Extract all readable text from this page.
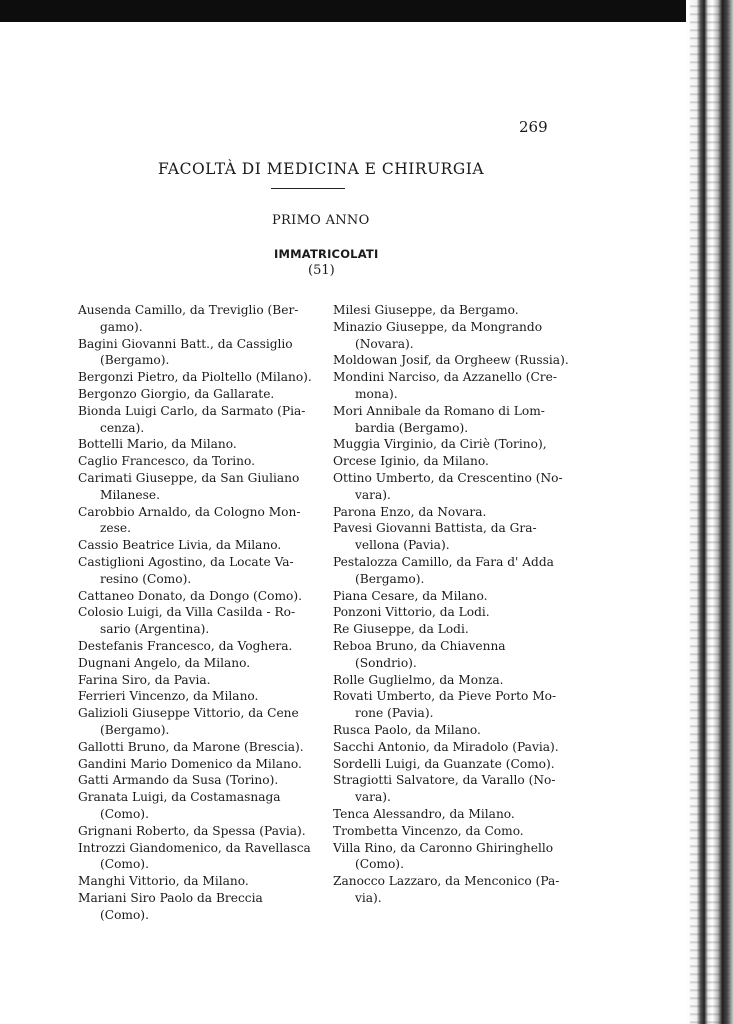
269
FACOLTÀ DI MEDICINA E CHIRURGIA
PRIMO ANNO
IMMATRICOLATI
(51)
Ausenda Camillo, da Treviglio (Ber-
gamo).
Bagini Giovanni Batt., da Cassiglio
(Bergamo).
Bergonzi Pietro, da Pioltello (Milano).
Bergonzo Giorgio, da Gallarate.
Bionda Luigi Carlo, da Sarmato (Pia-
cenza).
Bottelli Mario, da Milano.
Caglio Francesco, da Torino.
Carimati Giuseppe, da San Giuliano
Milanese.
Carobbio Arnaldo, da Cologno Mon-
zese.
Cassio Beatrice Livia, da Milano.
Castiglioni Agostino, da Locate Va-
resino (Como).
Cattaneo Donato, da Dongo (Como).
Colosio Luigi, da Villa Casilda - Ro-
sario (Argentina).
Destefanis Francesco, da Voghera.
Dugnani Angelo, da Milano.
Farina Siro, da Pavia.
Ferrieri Vincenzo, da Milano.
Galizioli Giuseppe Vittorio, da Cene
(Bergamo).
Gallotti Bruno, da Marone (Brescia).
Gandini Mario Domenico da Milano.
Gatti Armando da Susa (Torino).
Granata Luigi, da Costamasnaga
(Como).
Grignani Roberto, da Spessa (Pavia).
Introzzi Giandomenico, da Ravellasca
(Como).
Manghi Vittorio, da Milano.
Mariani Siro Paolo da Breccia (Como).
Milesi Giuseppe, da Bergamo.
Minazio Giuseppe, da Mongrando
(Novara).
Moldowan Josif, da Orgheew (Russia).
Mondini Narciso, da Azzanello (Cre-
mona).
Mori Annibale da Romano di Lom-
bardia (Bergamo).
Muggia Virginio, da Ciriè (Torino),
Orcese Iginio, da Milano.
Ottino Umberto, da Crescentino (No-
vara).
Parona Enzo, da Novara.
Pavesi Giovanni Battista, da Gra-
vellona (Pavia).
Pestalozza Camillo, da Fara d' Adda
(Bergamo).
Piana Cesare, da Milano.
Ponzoni Vittorio, da Lodi.
Re Giuseppe, da Lodi.
Reboa Bruno, da Chiavenna (Sondrio).
Rolle Guglielmo, da Monza.
Rovati Umberto, da Pieve Porto Mo-
rone (Pavia).
Rusca Paolo, da Milano.
Sacchi Antonio, da Miradolo (Pavia).
Sordelli Luigi, da Guanzate (Como).
Stragiotti Salvatore, da Varallo (No-
vara).
Tenca Alessandro, da Milano.
Trombetta Vincenzo, da Como.
Villa Rino, da Caronno Ghiringhello
(Como).
Zanocco Lazzaro, da Menconico (Pa-
via).
